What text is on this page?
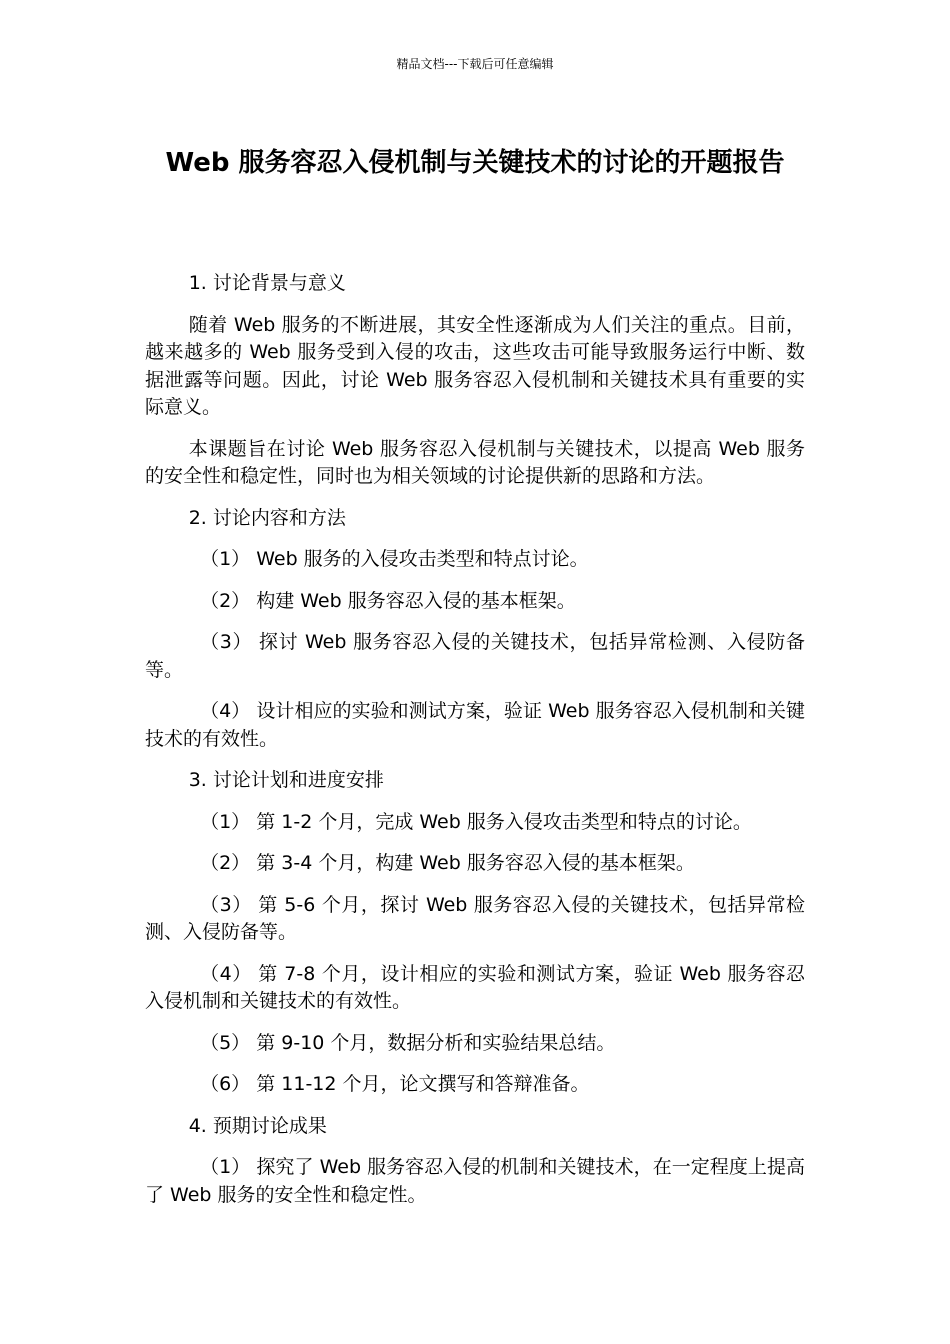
精品文档---下载后可任意编辑
Web 服务容忍入侵机制与关键技术的讨论的开题报告

1. 讨论背景与意义

随着 Web 服务的不断进展，其安全性逐渐成为人们关注的重点。目前，越来越多的 Web 服务受到入侵的攻击，这些攻击可能导致服务运行中断、数据泄露等问题。因此，讨论 Web 服务容忍入侵机制和关键技术具有重要的实际意义。

本课题旨在讨论 Web 服务容忍入侵机制与关键技术，以提高 Web 服务的安全性和稳定性，同时也为相关领域的讨论提供新的思路和方法。

2. 讨论内容和方法

（1） Web 服务的入侵攻击类型和特点讨论。

（2） 构建 Web 服务容忍入侵的基本框架。

（3） 探讨 Web 服务容忍入侵的关键技术，包括异常检测、入侵防备等。

（4） 设计相应的实验和测试方案，验证 Web 服务容忍入侵机制和关键技术的有效性。

3. 讨论计划和进度安排

（1） 第 1-2 个月，完成 Web 服务入侵攻击类型和特点的讨论。

（2） 第 3-4 个月，构建 Web 服务容忍入侵的基本框架。

（3） 第 5-6 个月，探讨 Web 服务容忍入侵的关键技术，包括异常检测、入侵防备等。

（4） 第 7-8 个月，设计相应的实验和测试方案，验证 Web 服务容忍入侵机制和关键技术的有效性。

（5） 第 9-10 个月，数据分析和实验结果总结。

（6） 第 11-12 个月，论文撰写和答辩准备。

4. 预期讨论成果

（1） 探究了 Web 服务容忍入侵的机制和关键技术，在一定程度上提高了 Web 服务的安全性和稳定性。
